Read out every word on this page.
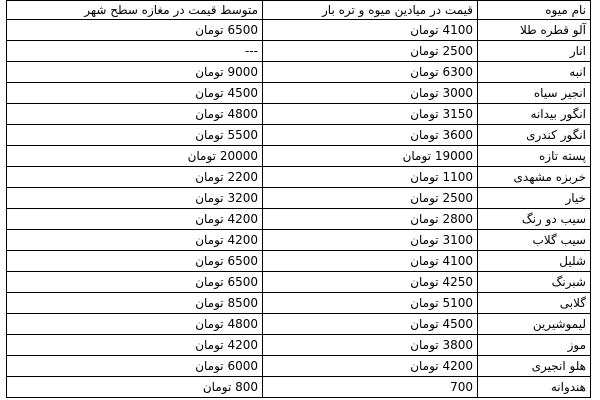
نام میوه	قیمت در میادین میوه و تره بار	متوسط قیمت در مغازه سطح شهر
آلو قطره طلا	4100 تومان	6500 تومان
انار	2500 تومان	---
انبه	6300 تومان	9000 تومان
انجیر سیاه	3000 تومان	4500 تومان
انگور بیدانه	3150 تومان	4800 تومان
انگور کندری	3600 تومان	5500 تومان
پسته تازه	19000 تومان	20000 تومان
خربزه مشهدی	1100 تومان	2200 تومان
خیار	2500 تومان	3200 تومان
سیب دو رنگ	2800 تومان	4200 تومان
سیب گلاب	3100 تومان	4200 تومان
شلیل	4100 تومان	6500 تومان
شبرنگ	4250 تومان	6500 تومان
گلابی	5100 تومان	8500 تومان
لیموشیرین	4500 تومان	4800 تومان
موز	3800 تومان	4200 تومان
هلو انجیری	4200 تومان	6000 تومان
هندوانه	700	800 تومان
